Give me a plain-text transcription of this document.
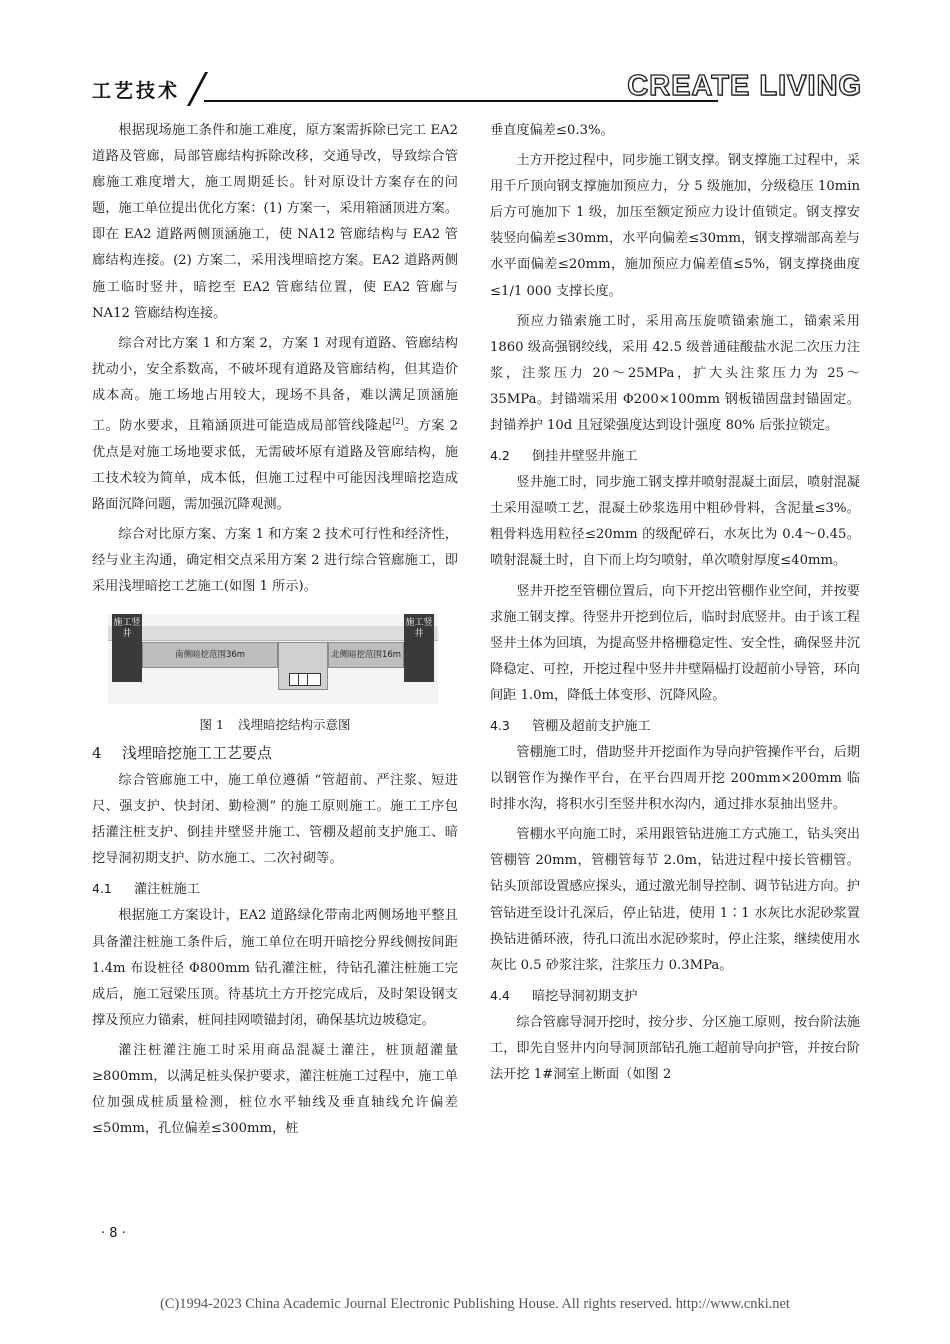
工艺技术	CREATE LIVING

根据现场施工条件和施工难度，原方案需拆除已完工 EA2 道路及管廊，局部管廊结构拆除改移，交通导改，导致综合管廊施工难度增大，施工周期延长。针对原设计方案存在的问题，施工单位提出优化方案：(1) 方案一，采用箱涵顶进方案。即在 EA2 道路两侧顶涵施工，使 NA12 管廊结构与 EA2 管廊结构连接。(2) 方案二，采用浅埋暗挖方案。EA2 道路两侧施工临时竖井，暗挖至 EA2 管廊结位置，使 EA2 管廊与 NA12 管廊结构连接。

综合对比方案 1 和方案 2，方案 1 对现有道路、管廊结构扰动小，安全系数高，不破坏现有道路及管廊结构，但其造价成本高。施工场地占用较大，现场不具备，难以满足顶涵施工。防水要求，且箱涵顶进可能造成局部管线隆起[2]。方案 2 优点是对施工场地要求低，无需破坏原有道路及管廊结构，施工技术较为简单，成本低，但施工过程中可能因浅埋暗挖造成路面沉降问题，需加强沉降观测。

综合对比原方案、方案 1 和方案 2 技术可行性和经济性，经与业主沟通，确定相交点采用方案 2 进行综合管廊施工，即采用浅埋暗挖工艺施工(如图 1 所示)。

南侧暗挖范围36m	北侧暗挖范围16m
施工竖井
施工竖井
图 1 浅埋暗挖结构示意图
4 浅埋暗挖施工工艺要点

综合管廊施工中，施工单位遵循 “管超前、严注浆、短进尺、强支护、快封闭、勤检测” 的施工原则施工。施工工序包括灌注桩支护、倒挂井壁竖井施工、管棚及超前支护施工、暗挖导洞初期支护、防水施工、二次衬砌等。

4.1 灌注桩施工

根据施工方案设计，EA2 道路绿化带南北两侧场地平整且具备灌注桩施工条件后，施工单位在明开暗挖分界线侧按间距 1.4m 布设桩径 Φ800mm 钻孔灌注桩，待钻孔灌注桩施工完成后，施工冠梁压顶。待基坑土方开挖完成后，及时架设钢支撑及预应力锚索，桩间挂网喷锚封闭，确保基坑边坡稳定。

灌注桩灌注施工时采用商品混凝土灌注，桩顶超灌量≥800mm，以满足桩头保护要求，灌注桩施工过程中，施工单位加强成桩质量检测，桩位水平轴线及垂直轴线允许偏差≤50mm，孔位偏差≤300mm，桩

垂直度偏差≤0.3%。

土方开挖过程中，同步施工钢支撑。钢支撑施工过程中，采用千斤顶向钢支撑施加预应力，分 5 级施加，分级稳压 10min 后方可施加下 1 级，加压至额定预应力设计值锁定。钢支撑安装竖向偏差≤30mm，水平向偏差≤30mm，钢支撑端部高差与水平面偏差≤20mm，施加预应力偏差值≤5%，钢支撑挠曲度≤1/1 000 支撑长度。

预应力锚索施工时，采用高压旋喷锚索施工，锚索采用 1860 级高强钢绞线，采用 42.5 级普通硅酸盐水泥二次压力注浆，注浆压力 20～25MPa，扩大头注浆压力为 25～35MPa。封锚端采用 Φ200×100mm 钢板锚固盘封锚固定。封锚养护 10d 且冠梁强度达到设计强度 80% 后张拉锁定。

4.2 倒挂井壁竖井施工

竖井施工时，同步施工钢支撑并喷射混凝土面层，喷射混凝土采用湿喷工艺，混凝土砂浆选用中粗砂骨料，含泥量≤3%。粗骨料选用粒径≤20mm 的级配碎石，水灰比为 0.4～0.45。喷射混凝土时，自下而上均匀喷射，单次喷射厚度≤40mm。

竖井开挖至管棚位置后，向下开挖出管棚作业空间，并按要求施工钢支撑。待竖井开挖到位后，临时封底竖井。由于该工程竖井土体为回填，为提高竖井格栅稳定性、安全性，确保竖井沉降稳定、可控，开挖过程中竖井井壁隔榀打设超前小导管，环向间距 1.0m，降低土体变形、沉降风险。

4.3 管棚及超前支护施工

管棚施工时，借助竖井开挖面作为导向护管操作平台，后期以钢管作为操作平台，在平台四周开挖 200mm×200mm 临时排水沟，将积水引至竖井积水沟内，通过排水泵抽出竖井。

管棚水平向施工时，采用跟管钻进施工方式施工，钻头突出管棚管 20mm，管棚管每节 2.0m，钻进过程中接长管棚管。钻头顶部设置感应探头，通过激光制导控制、调节钻进方向。护管钻进至设计孔深后，停止钻进，使用 1∶1 水灰比水泥砂浆置换钻进循环液，待孔口流出水泥砂浆时，停止注浆，继续使用水灰比 0.5 砂浆注浆，注浆压力 0.3MPa。

4.4 暗挖导洞初期支护

综合管廊导洞开挖时，按分步、分区施工原则，按台阶法施工，即先自竖井内向导洞顶部钻孔施工超前导向护管，并按台阶法开挖 1#洞室上断面（如图 2

· 8 ·
(C)1994-2023 China Academic Journal Electronic Publishing House. All rights reserved. http://www.cnki.net
